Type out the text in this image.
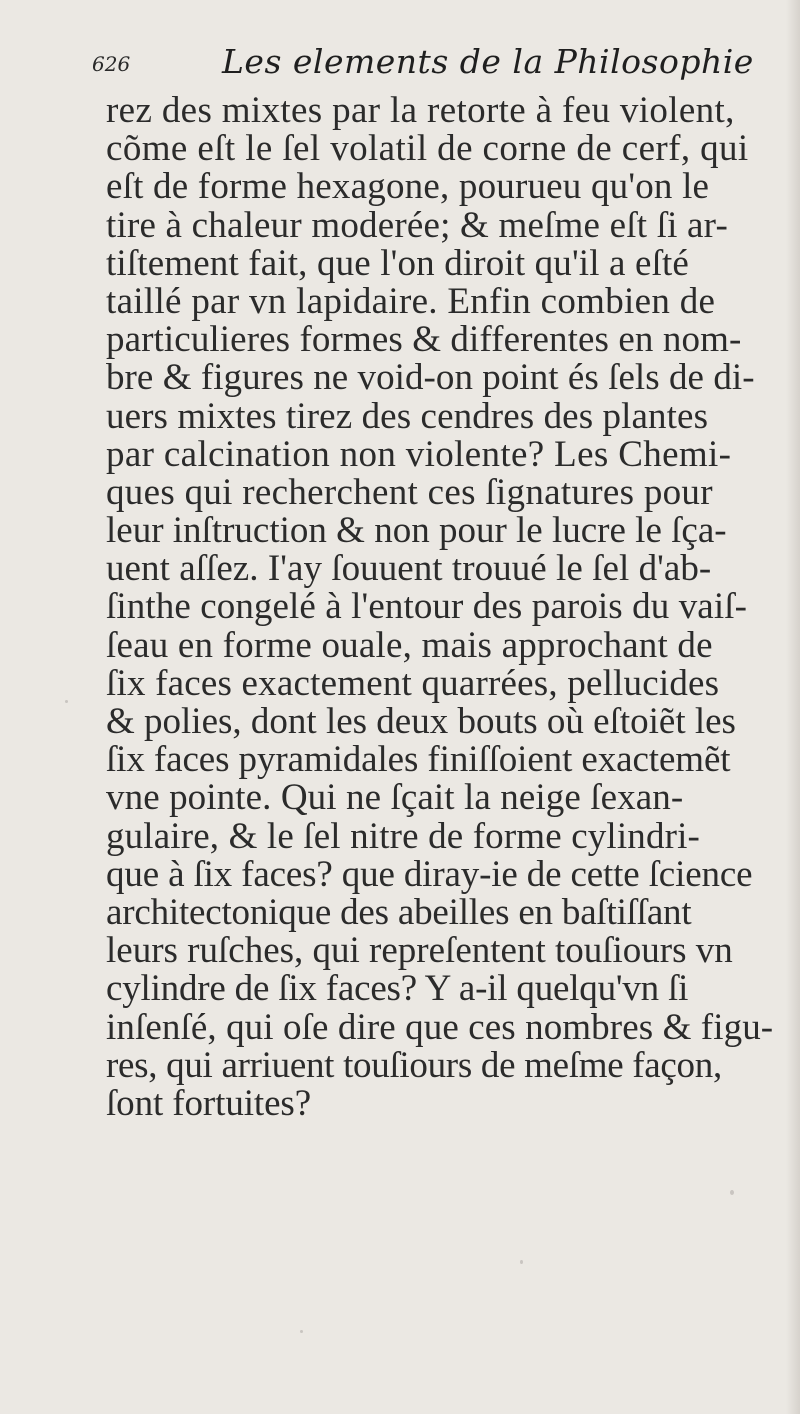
626	Les elements de la Philosophie
rez des mixtes par la retorte à feu violent,
cõme eſt le ſel volatil de corne de cerf, qui
eſt de forme hexagone, pourueu qu'on le
tire à chaleur moderée; & meſme eſt ſi ar-
tiſtement fait, que l'on diroit qu'il a eſté
taillé par vn lapidaire. Enfin combien de
particulieres formes & differentes en nom-
bre & figures ne void-on point és ſels de di-
uers mixtes tirez des cendres des plantes
par calcination non violente? Les Chemi-
ques qui recherchent ces ſignatures pour
leur inſtruction & non pour le lucre le ſça-
uent aſſez. I'ay ſouuent trouué le ſel d'ab-
ſinthe congelé à l'entour des parois du vaiſ-
ſeau en forme ouale, mais approchant de
ſix faces exactement quarrées, pellucides
& polies, dont les deux bouts où eſtoiẽt les
ſix faces pyramidales finiſſoient exactemẽt
vne pointe. Qui ne ſçait la neige ſexan-
gulaire, & le ſel nitre de forme cylindri-
que à ſix faces? que diray-ie de cette ſcience
architectonique des abeilles en baſtiſſant
leurs ruſches, qui repreſentent touſiours vn
cylindre de ſix faces? Y a-il quelqu'vn ſi
inſenſé, qui oſe dire que ces nombres & figu-
res, qui arriuent touſiours de meſme façon,
ſont fortuites?
